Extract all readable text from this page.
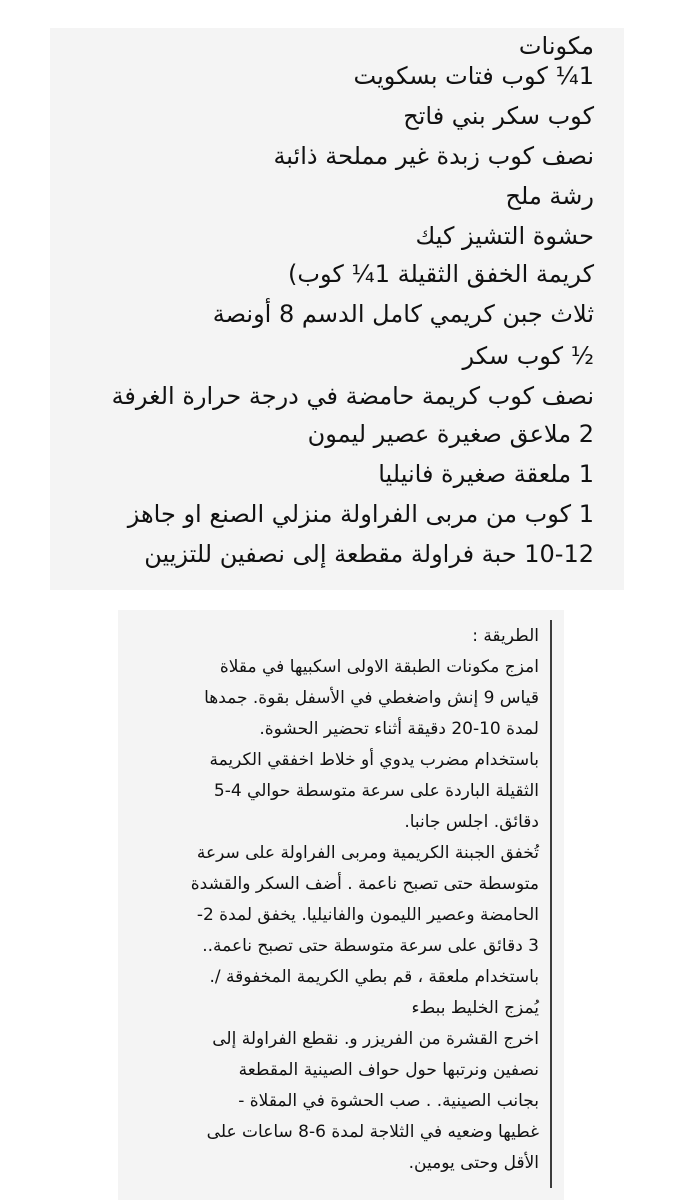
مكونات
1¼ كوب فتات بسكويت
كوب سكر بني فاتح
نصف كوب زبدة غير مملحة ذائبة
رشة ملح
حشوة التشيز كيك
كريمة الخفق الثقيلة 1¼ كوب)
ثلاث جبن كريمي كامل الدسم 8 أونصة
½ كوب سكر
نصف كوب كريمة حامضة في درجة حرارة الغرفة
2 ملاعق صغيرة عصير ليمون
1 ملعقة صغيرة فانيليا
1 كوب من مربى الفراولة منزلي الصنع او جاهز
10-12 حبة فراولة مقطعة إلى نصفين للتزيين
الطريقة :
امزج مكونات الطبقة الاولى اسكبيها في مقلاة
قياس 9 إنش واضغطي في الأسفل بقوة. جمدها
لمدة 10-20 دقيقة أثناء تحضير الحشوة.
باستخدام مضرب يدوي أو خلاط اخفقي الكريمة
الثقيلة الباردة على سرعة متوسطة حوالي 4-5
دقائق. اجلس جانبا.
تُخفق الجبنة الكريمية ومربى الفراولة على سرعة
متوسطة حتى تصبح ناعمة . أضف السكر والقشدة
الحامضة وعصير الليمون والفانيليا. يخفق لمدة 2-
3 دقائق على سرعة متوسطة حتى تصبح ناعمة..
باستخدام ملعقة ، قم بطي الكريمة المخفوقة /.
يُمزج الخليط ببطء
اخرج القشرة من الفريزر و. نقطع الفراولة إلى
نصفين ونرتبها حول حواف الصينية المقطعة
بجانب الصينية. . صب الحشوة في المقلاة -
غطيها وضعيه في الثلاجة لمدة 6-8 ساعات على
الأقل وحتى يومين.
